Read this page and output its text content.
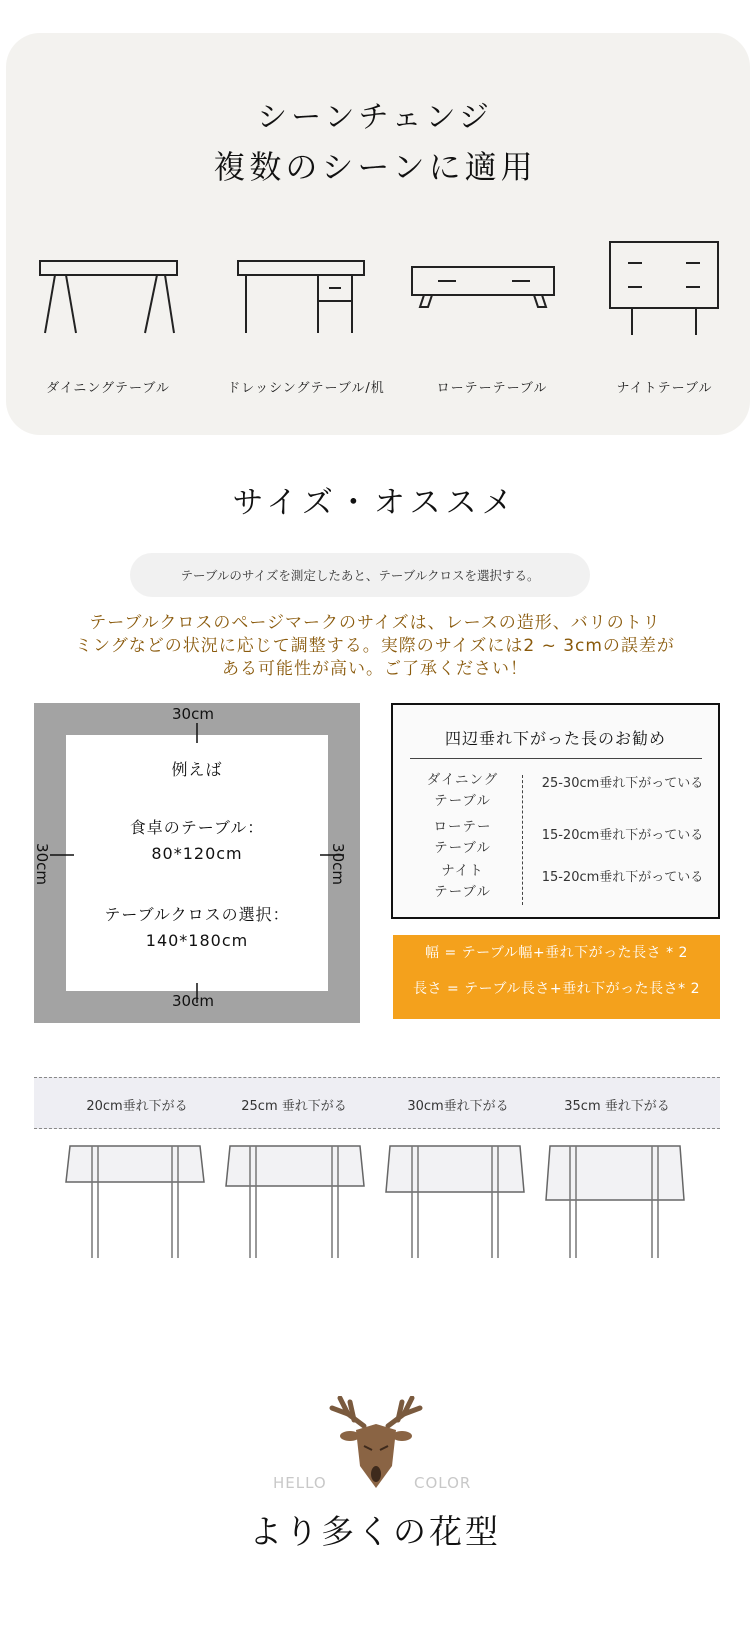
シーンチェンジ
複数のシーンに適用
ダイニングテーブル	ドレッシングテーブル/机	ローテーテーブル	ナイトテーブル
サイズ・オススメ
テーブルのサイズを測定したあと、テーブルクロスを選択する。
テーブルクロスのページマークのサイズは、レースの造形、バリのトリ
ミングなどの状況に応じて調整する。実際のサイズには2 ~ 3cmの誤差が
ある可能性が高い。ご了承ください！
30cm
30cm
30cm	30cm
例えば
食卓のテーブル：
80*120cm
テーブルクロスの選択：
140*180cm
四辺垂れ下がった長のお勧め
ダイニング
テーブル
25-30cm垂れ下がっている
ローテー
テーブル
15-20cm垂れ下がっている
ナイト
テーブル
15-20cm垂れ下がっている
幅 = テーブル幅+垂れ下がった長さ * 2
長さ = テーブル長さ+垂れ下がった長さ* 2
20cm垂れ下がる	25cm 垂れ下がる	30cm垂れ下がる	35cm 垂れ下がる
HELLO	COLOR
より多くの花型
